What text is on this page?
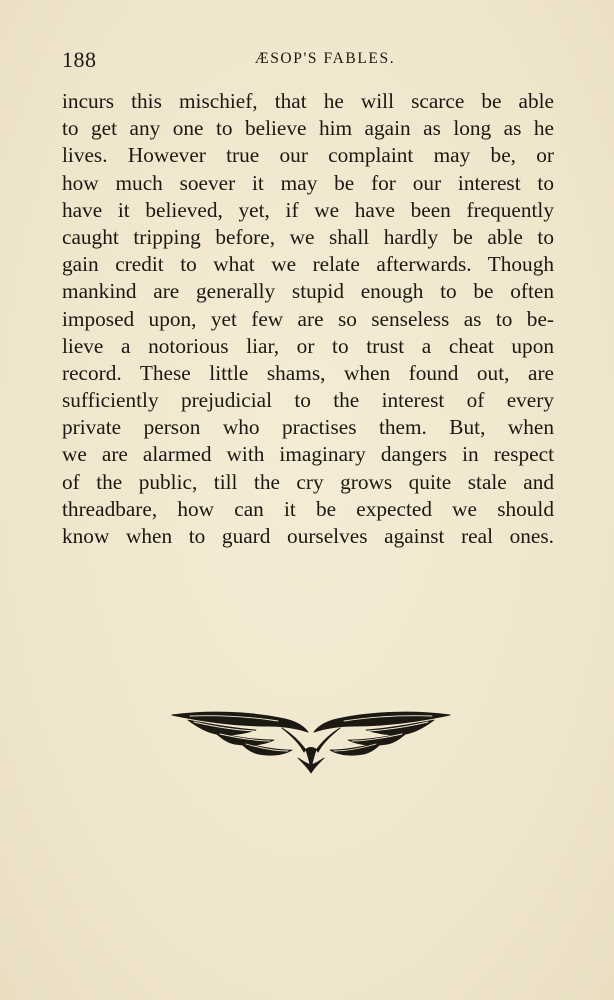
188	ÆSOP'S FABLES.
incurs this mischief, that he will scarce be able
to get any one to believe him again as long as he
lives. However true our complaint may be, or
how much soever it may be for our interest to
have it believed, yet, if we have been frequently
caught tripping before, we shall hardly be able to
gain credit to what we relate afterwards. Though
mankind are generally stupid enough to be often
imposed upon, yet few are so senseless as to be-
lieve a notorious liar, or to trust a cheat upon
record. These little shams, when found out, are
sufficiently prejudicial to the interest of every
private person who practises them. But, when
we are alarmed with imaginary dangers in respect
of the public, till the cry grows quite stale and
threadbare, how can it be expected we should
know when to guard ourselves against real ones.
